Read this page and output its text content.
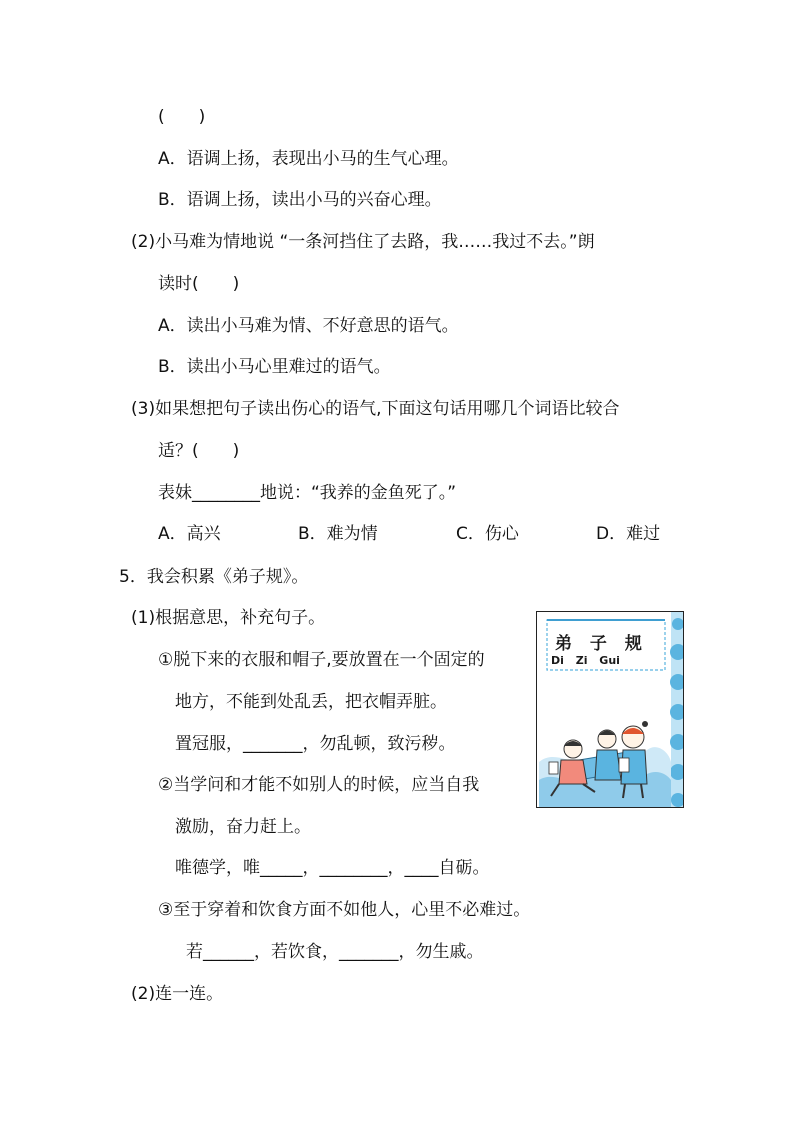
(　　)
A．语调上扬，表现出小马的生气心理。
B．语调上扬，读出小马的兴奋心理。
(2)小马难为情地说 “一条河挡住了去路，我……我过不去。”朗
读时(　　)
A．读出小马难为情、不好意思的语气。
B．读出小马心里难过的语气。
(3)如果想把句子读出伤心的语气,下面这句话用哪几个词语比较合
适？(　　)
表妹________地说：“我养的金鱼死了。”
A．高兴	B．难为情	C．伤心	D．难过
5．我会积累《弟子规》。
(1)根据意思，补充句子。
①脱下来的衣服和帽子,要放置在一个固定的
地方，不能到处乱丢，把衣帽弄脏。
置冠服，_______，勿乱顿，致污秽。
②当学问和才能不如别人的时候，应当自我
激励，奋力赶上。
唯德学，唯_____，________，____自砺。
③至于穿着和饮食方面不如他人，心里不必难过。
若______，若饮食，_______，勿生戚。
(2)连一连。
弟 子 规
Di Zi Gui
